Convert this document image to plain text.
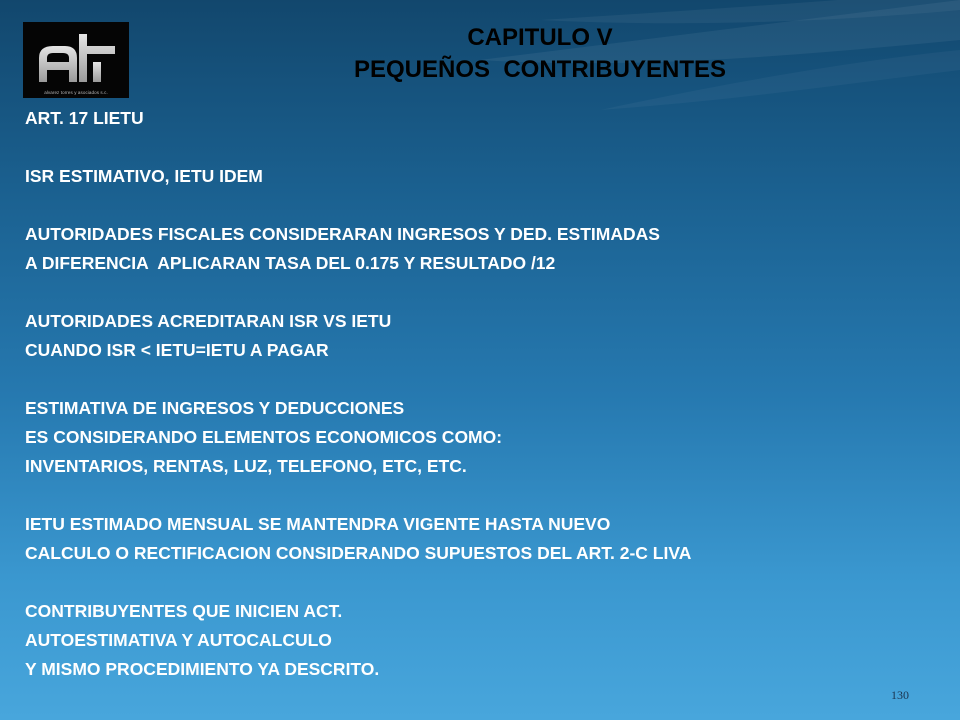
alvarez torres y asociados s.c.
CAPITULO V
PEQUEÑOS  CONTRIBUYENTES
ART. 17 LIETU
ISR ESTIMATIVO, IETU IDEM
AUTORIDADES FISCALES CONSIDERARAN INGRESOS Y DED. ESTIMADAS
A DIFERENCIA  APLICARAN TASA DEL 0.175 Y RESULTADO /12
AUTORIDADES ACREDITARAN ISR VS IETU
CUANDO ISR < IETU=IETU A PAGAR
ESTIMATIVA DE INGRESOS Y DEDUCCIONES
ES CONSIDERANDO ELEMENTOS ECONOMICOS COMO:
INVENTARIOS, RENTAS, LUZ, TELEFONO, ETC, ETC.
IETU ESTIMADO MENSUAL SE MANTENDRA VIGENTE HASTA NUEVO
CALCULO O RECTIFICACION CONSIDERANDO SUPUESTOS DEL ART. 2-C LIVA
CONTRIBUYENTES QUE INICIEN ACT.
AUTOESTIMATIVA Y AUTOCALCULO
Y MISMO PROCEDIMIENTO YA DESCRITO.
130
